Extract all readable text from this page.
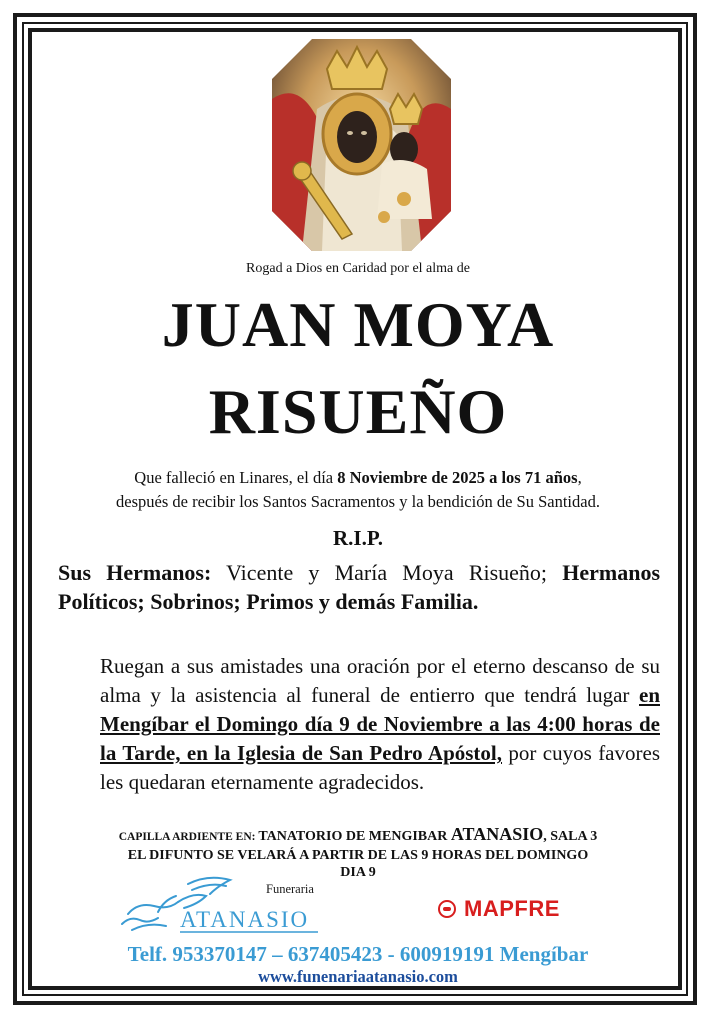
Rogad a Dios en Caridad por el alma de
JUAN MOYA
RISUEÑO
Que falleció en Linares, el día 8 Noviembre de 2025 a los 71 años,
después de recibir los Santos Sacramentos y la bendición de Su Santidad.
R.I.P.
Sus Hermanos: Vicente y María Moya Risueño; Hermanos Políticos; Sobrinos; Primos y demás Familia.
Ruegan a sus amistades una oración por el eterno descanso de su alma y la asistencia al funeral de entierro que tendrá lugar en Mengíbar el Domingo día 9 de Noviembre a las 4:00 horas de la Tarde, en la Iglesia de San Pedro Apóstol, por cuyos favores les quedaran eternamente agradecidos.
CAPILLA ARDIENTE EN: TANATORIO DE MENGIBAR ATANASIO, SALA 3
EL DIFUNTO SE VELARÁ A PARTIR DE LAS 9 HORAS DEL DOMINGO
DIA 9
Funeraria
ATANASIO	MAPFRE
Telf. 953370147 – 637405423 - 600919191 Mengíbar
www.funenariaatanasio.com
